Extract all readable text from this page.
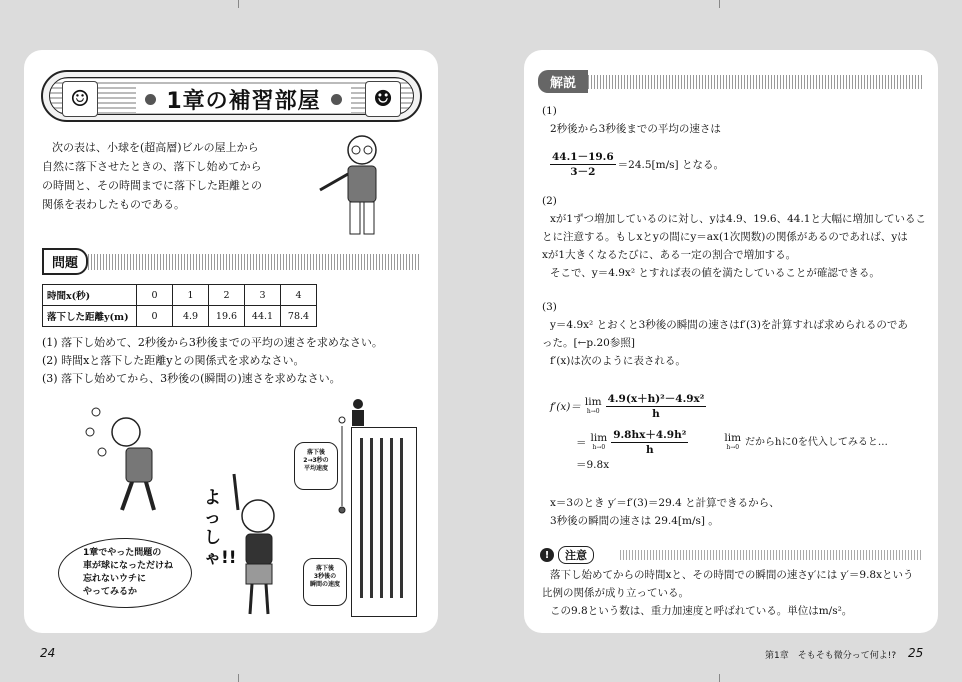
☺	☻
1章の補習部屋
次の表は、小球を(超高層)ビルの屋上から
自然に落下させたときの、落下し始めてから
の時間と、その時間までに落下した距離との
関係を表わしたものである。
問題
時間x(秒)	0	1	2	3	4
落下した距離y(m)	0	4.9	19.6	44.1	78.4
(1) 落下し始めて、2秒後から3秒後までの平均の速さを求めなさい。
(2) 時間xと落下した距離yとの関係式を求めなさい。
(3) 落下し始めてから、3秒後の(瞬間の)速さを求めなさい。
1章でやった問題の
車が球になっただけね
忘れないウチに
やってみるか
よっしゃ!!
落下後
2→3秒の
平均速度
落下後
3秒後の
瞬間の速度
24
解説
(1)
2秒後から3秒後までの平均の速さは
$\frac{44.1-19.6}{3-2} =24.5[m/s]$ となる。
(2)
xが1ずつ増加しているのに対し、yは4.9、19.6、44.1と大幅に増加しているこ
とに注意する。もしxとyの間にy＝ax(1次関数)の関係があるのであれば、yは
xが1大きくなるたびに、ある一定の割合で増加する。
そこで、y＝4.9x² とすれば表の値を満たしていることが確認できる。
(3)
y＝4.9x² とおくと3秒後の瞬間の速さはf′(3)を計算すれば求められるのであ
った。[←p.20参照]
f′(x)は次のように表される。
f′(x)＝ lim
$h\to 0 \frac{\text{4.9(x＋h)²－4.9x²}}{h}$
＝ lim
$h\to 0 \frac{\text{9.8hx＋4.9h²}}{h}$	lim
h→0 だからhに0を代入してみると…
＝9.8x
x＝3のとき y′＝f′(3)＝29.4 と計算できるから、
3秒後の瞬間の速さは 29.4[m/s] 。
!	注意
落下し始めてからの時間xと、その時間での瞬間の速さy′には y′＝9.8xという
比例の関係が成り立っている。
この9.8という数は、重力加速度と呼ばれている。単位はm/s²。
第1章　そもそも微分って何よ!? 25
